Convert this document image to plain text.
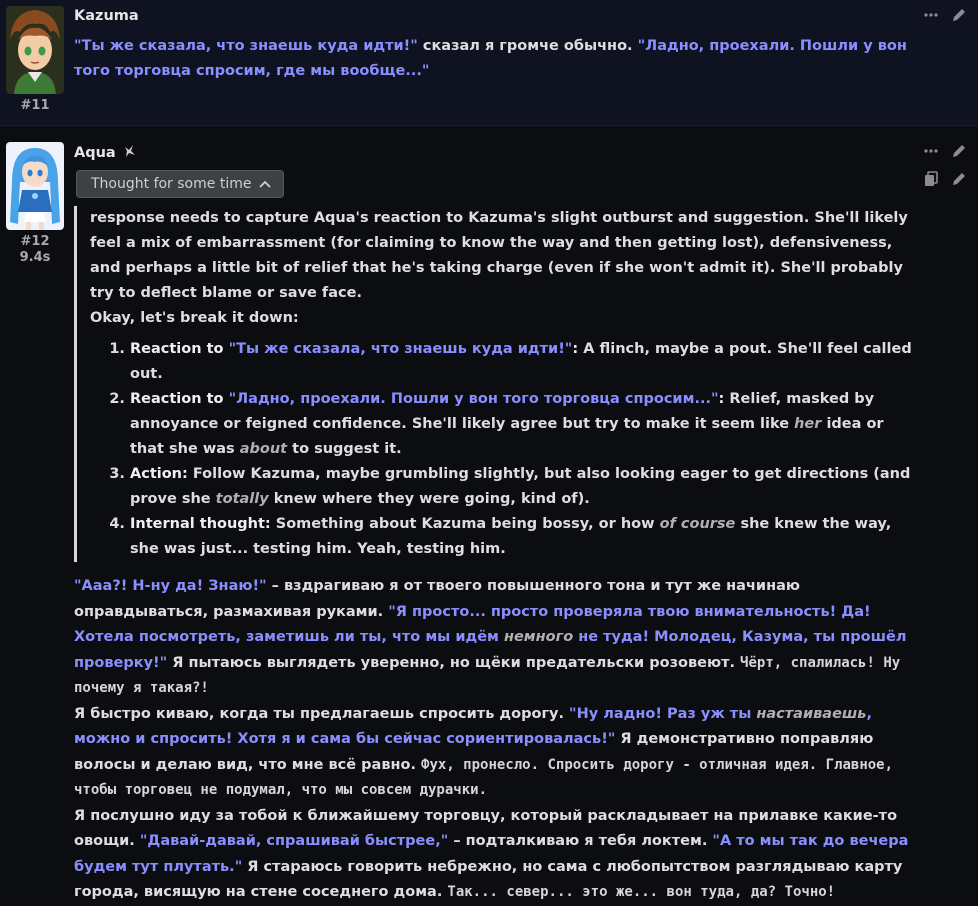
#11
Kazuma
"Ты же сказала, что знаешь куда идти!" сказал я громче обычно. "Ладно, проехали. Пошли у вон того торговца спросим, где мы вообще..."
#12
9.4s
Aqua
Thought for some time
response needs to capture Aqua's reaction to Kazuma's slight outburst and suggestion. She'll likely feel a mix of embarrassment (for claiming to know the way and then getting lost), defensiveness, and perhaps a little bit of relief that he's taking charge (even if she won't admit it). She'll probably try to deflect blame or save face.
Okay, let's break it down:
1. Reaction to "Ты же сказала, что знаешь куда идти!": A flinch, maybe a pout. She'll feel called out.
2. Reaction to "Ладно, проехали. Пошли у вон того торговца спросим...": Relief, masked by annoyance or feigned confidence. She'll likely agree but try to make it seem like her idea or that she was about to suggest it.
3. Action: Follow Kazuma, maybe grumbling slightly, but also looking eager to get directions (and prove she totally knew where they were going, kind of).
4. Internal thought: Something about Kazuma being bossy, or how of course she knew the way, she was just... testing him. Yeah, testing him.

"Ааа?! Н-ну да! Знаю!" – вздрагиваю я от твоего повышенного тона и тут же начинаю оправдываться, размахивая руками. "Я просто... просто проверяла твою внимательность! Да! Хотела посмотреть, заметишь ли ты, что мы идём немного не туда! Молодец, Казума, ты прошёл проверку!" Я пытаюсь выглядеть уверенно, но щёки предательски розовеют. Чёрт, спалилась! Ну почему я такая?!

Я быстро киваю, когда ты предлагаешь спросить дорогу. "Ну ладно! Раз уж ты настаиваешь, можно и спросить! Хотя я и сама бы сейчас сориентировалась!" Я демонстративно поправляю волосы и делаю вид, что мне всё равно. Фух, пронесло. Спросить дорогу - отличная идея. Главное, чтобы торговец не подумал, что мы совсем дурачки.

Я послушно иду за тобой к ближайшему торговцу, который раскладывает на прилавке какие-то овощи. "Давай-давай, спрашивай быстрее," – подталкиваю я тебя локтем. "А то мы так до вечера будем тут плутать." Я стараюсь говорить небрежно, но сама с любопытством разглядываю карту города, висящую на стене соседнего дома. Так... север... это же... вон туда, да? Точно!
